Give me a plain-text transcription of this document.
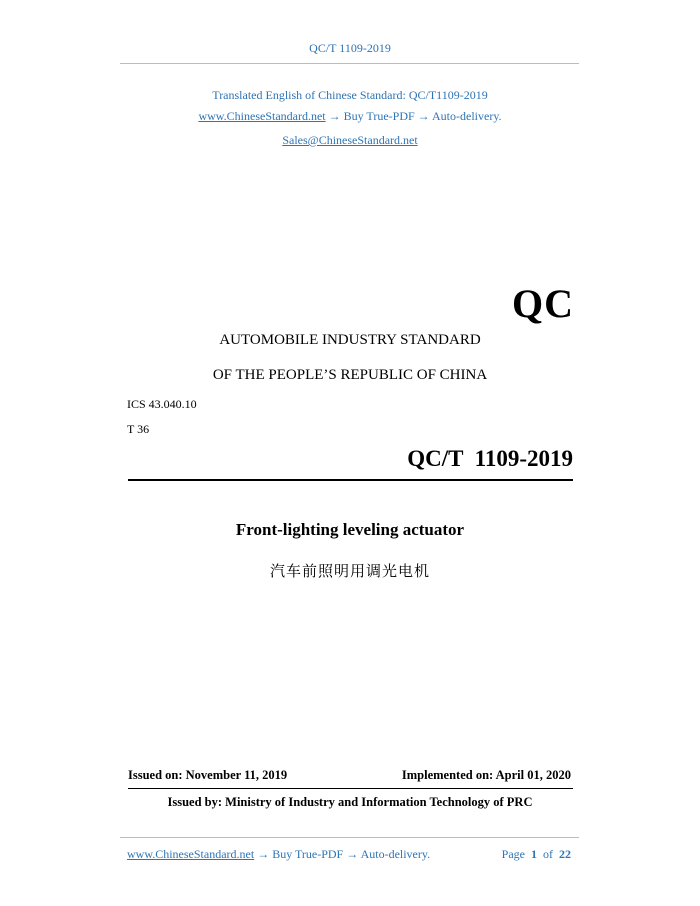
QC/T 1109-2019
Translated English of Chinese Standard: QC/T1109-2019
www.ChineseStandard.net → Buy True-PDF → Auto-delivery.
Sales@ChineseStandard.net
QC
AUTOMOBILE INDUSTRY STANDARD
OF THE PEOPLE’S REPUBLIC OF CHINA
ICS 43.040.10
T 36
QC/T  1109-2019
Front-lighting leveling actuator
汽车前照明用调光电机
Issued on: November 11, 2019	Implemented on: April 01, 2020
Issued by: Ministry of Industry and Information Technology of PRC
www.ChineseStandard.net → Buy True-PDF → Auto-delivery.	Page 1 of 22
